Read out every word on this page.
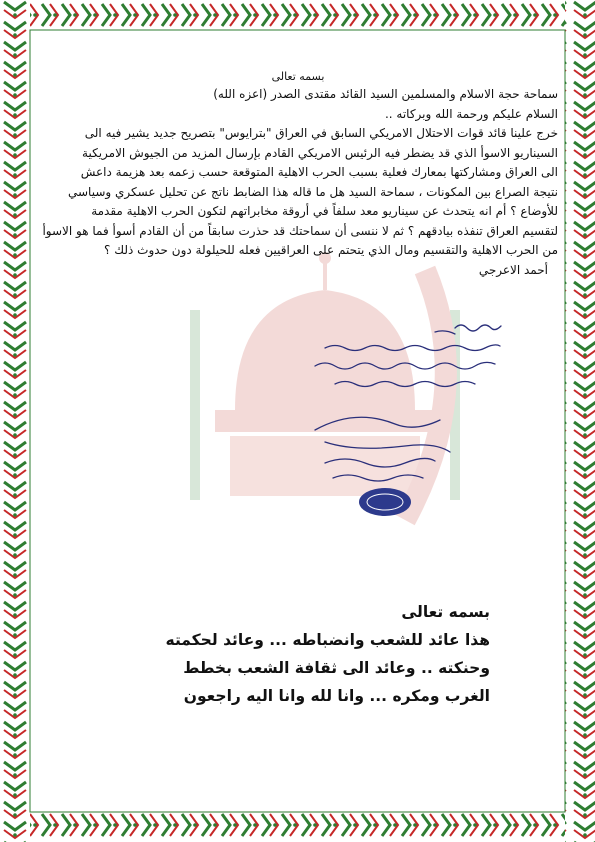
بسمه تعالى

سماحة حجة الاسلام والمسلمين السيد القائد مقتدى الصدر (اعزه الله)

السلام عليكم ورحمة الله وبركاته ..

خرج علينا قائد قوات الاحتلال الامريكي السابق في العراق "بترايوس" بتصريح جديد يشير فيه الى

السيناريو الاسوأ الذي قد يضطر فيه الرئيس الامريكي القادم بإرسال المزيد من الجيوش الامريكية

الى العراق ومشاركتها بمعارك فعلية بسبب الحرب الاهلية المتوقعة حسب زعمه بعد هزيمة داعش

نتيجة الصراع بين المكونات ، سماحة السيد هل ما قاله هذا الضابط ناتج عن تحليل عسكري وسياسي

للأوضاع ؟ أم انه يتحدث عن سيناريو معد سلفاً في أروقة مخابراتهم لتكون الحرب الاهلية مقدمة

لتقسيم العراق تنفذه بيادقهم ؟ ثم لا ننسى أن سماحتك قد حذرت سابقاً من أن القادم أسوأ فما هو الاسوأ

من الحرب الاهلية والتقسيم ومال الذي يتحتم على العراقيين فعله للحيلولة دون حدوث ذلك ؟

أحمد الاعرجي
بسمه تعالى
هذا عائد للشعب وانضباطه ... وعائد لحكمته
وحنكته .. وعائد الى ثقافة الشعب بخطط
الغرب ومكره ... وانا لله وانا اليه راجعون
